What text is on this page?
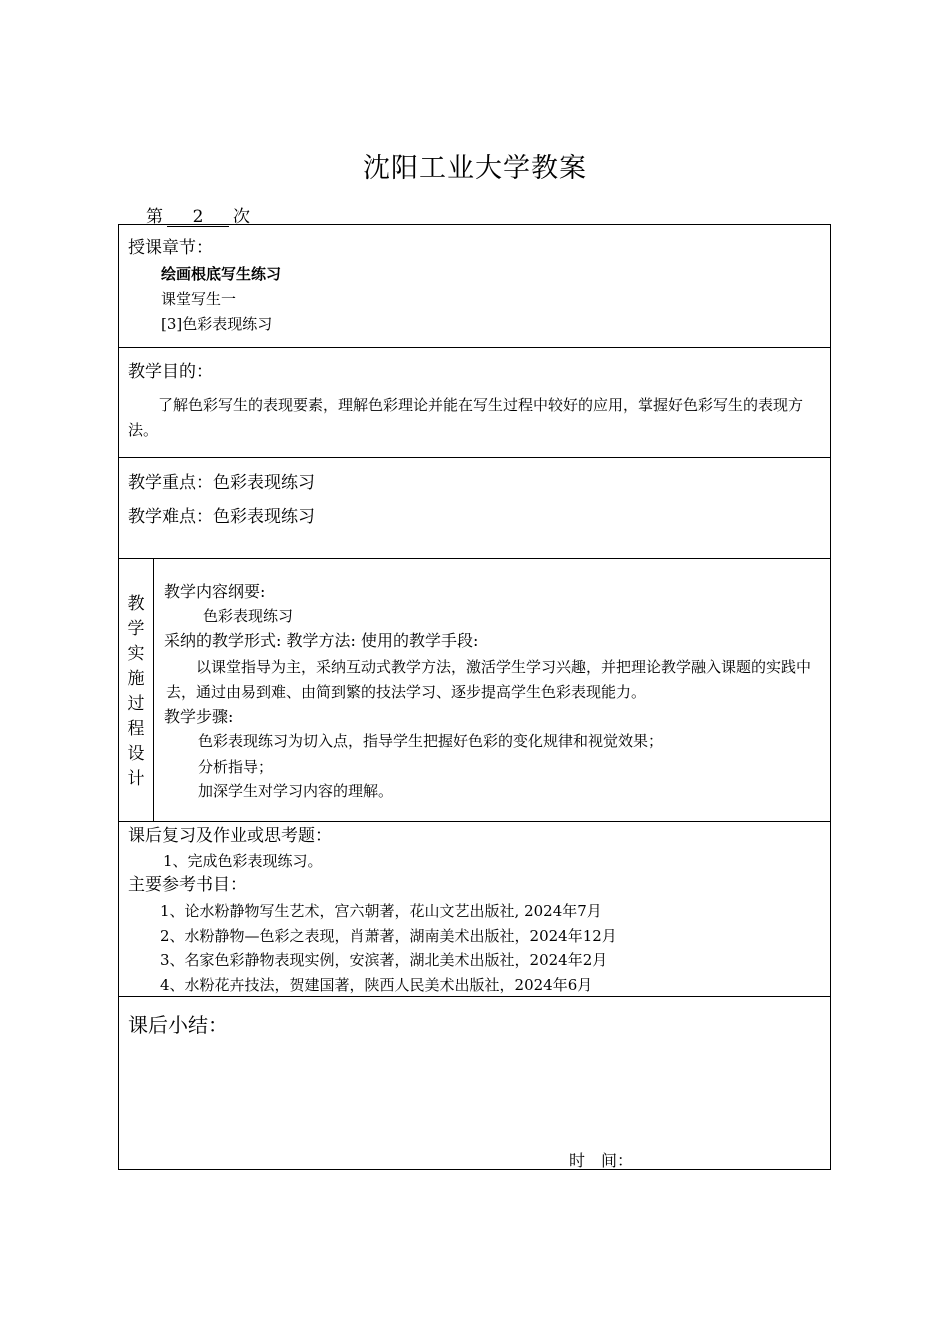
沈阳工业大学教案
第 2 次
授课章节：
绘画根底写生练习
课堂写生一
[3]色彩表现练习
教学目的：
了解色彩写生的表现要素，理解色彩理论并能在写生过程中较好的应用，掌握好色彩写生的表现方法。
教学重点：色彩表现练习
教学难点：色彩表现练习
教
学
实
施
过
程
设
计
教学内容纲要:
色彩表现练习
采纳的教学形式: 教学方法: 使用的教学手段:
以课堂指导为主，采纳互动式教学方法，激活学生学习兴趣，并把理论教学融入课题的实践中去，通过由易到难、由简到繁的技法学习、逐步提高学生色彩表现能力。
教学步骤:
色彩表现练习为切入点，指导学生把握好色彩的变化规律和视觉效果；
分析指导；
加深学生对学习内容的理解。
课后复习及作业或思考题：
1、完成色彩表现练习。
主要参考书目：
1、论水粉静物写生艺术，宫六朝著，花山文艺出版社, 2024年7月
2、水粉静物—色彩之表现，肖萧著，湖南美术出版社，2024年12月
3、名家色彩静物表现实例，安滨著，湖北美术出版社，2024年2月
4、水粉花卉技法，贺建国著，陕西人民美术出版社，2024年6月
课后小结：
时　间：
